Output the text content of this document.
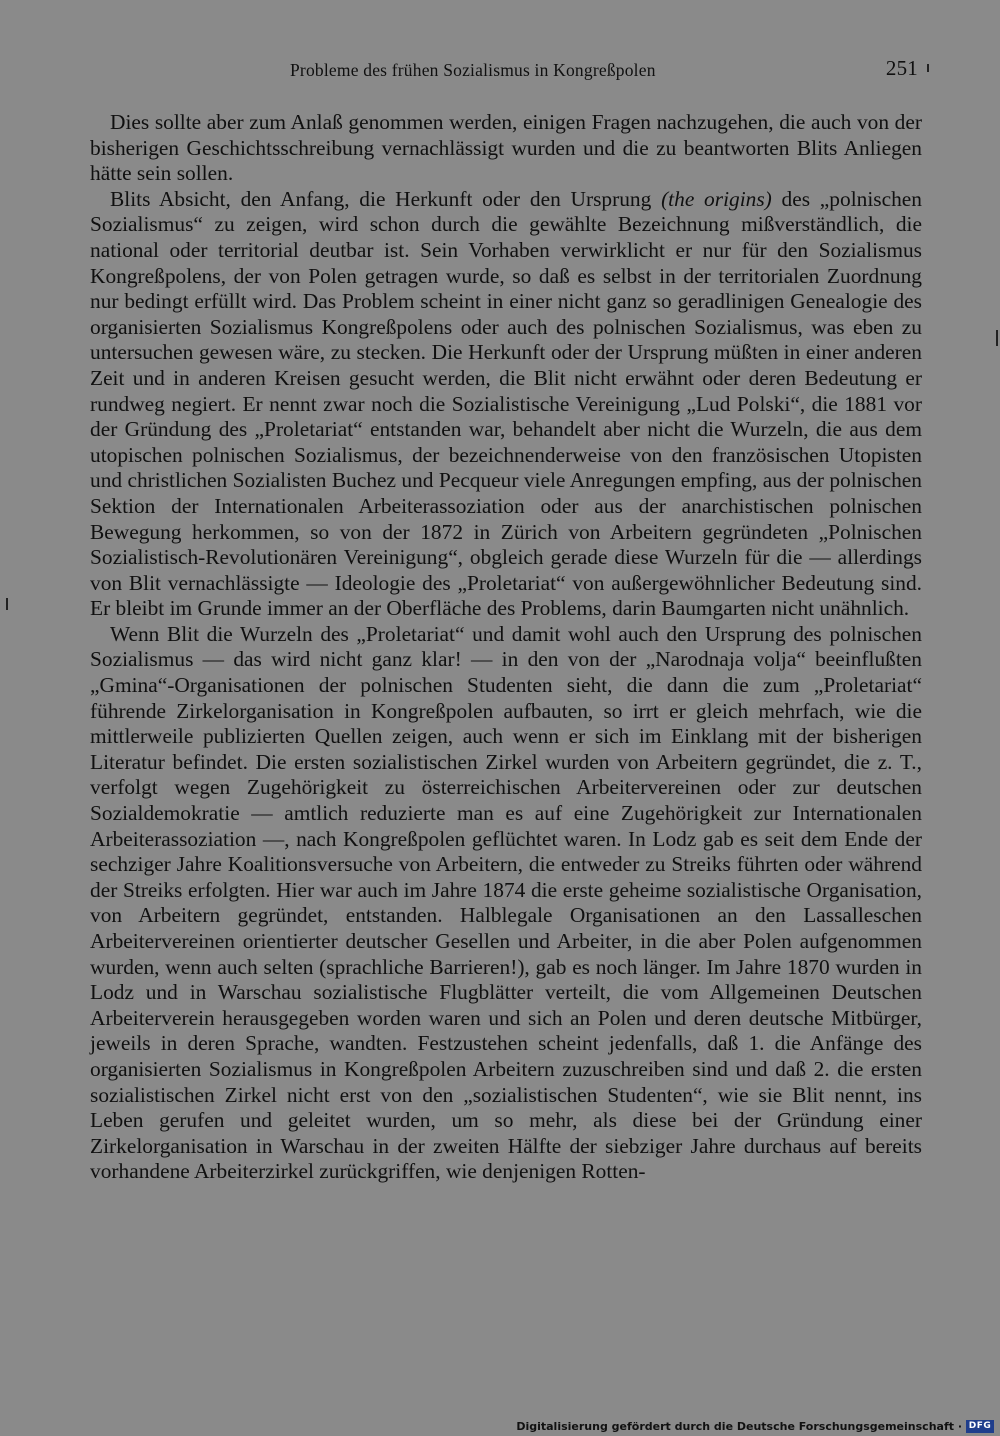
Probleme des frühen Sozialismus in Kongreßpolen	251

Dies sollte aber zum Anlaß genommen werden, einigen Fragen nachzugehen, die auch von der bisherigen Geschichtsschreibung vernachlässigt wurden und die zu beantworten Blits Anliegen hätte sein sollen.

Blits Absicht, den Anfang, die Herkunft oder den Ursprung (the origins) des „polnischen Sozialismus“ zu zeigen, wird schon durch die gewählte Bezeichnung mißverständlich, die national oder territorial deutbar ist. Sein Vorhaben verwirklicht er nur für den Sozialismus Kongreßpolens, der von Polen getragen wurde, so daß es selbst in der territorialen Zuordnung nur bedingt erfüllt wird. Das Problem scheint in einer nicht ganz so geradlinigen Genealogie des organisierten Sozialismus Kongreßpolens oder auch des polnischen Sozialismus, was eben zu untersuchen gewesen wäre, zu stecken. Die Herkunft oder der Ursprung müßten in einer anderen Zeit und in anderen Kreisen gesucht werden, die Blit nicht erwähnt oder deren Bedeutung er rundweg negiert. Er nennt zwar noch die Sozialistische Vereinigung „Lud Polski“, die 1881 vor der Gründung des „Proletariat“ entstanden war, behandelt aber nicht die Wurzeln, die aus dem utopischen polnischen Sozialismus, der bezeichnenderweise von den französischen Utopisten und christlichen Sozialisten Buchez und Pecqueur viele Anregungen empfing, aus der polnischen Sektion der Internationalen Arbeiterassoziation oder aus der anarchistischen polnischen Bewegung herkommen, so von der 1872 in Zürich von Arbeitern gegründeten „Polnischen Sozialistisch-Revolutionären Vereinigung“, obgleich gerade diese Wurzeln für die — allerdings von Blit vernachlässigte — Ideologie des „Proletariat“ von außergewöhnlicher Bedeutung sind. Er bleibt im Grunde immer an der Oberfläche des Problems, darin Baumgarten nicht unähnlich.

Wenn Blit die Wurzeln des „Proletariat“ und damit wohl auch den Ursprung des polnischen Sozialismus — das wird nicht ganz klar! — in den von der „Narodnaja volja“ beeinflußten „Gmina“-Organisationen der polnischen Studenten sieht, die dann die zum „Proletariat“ führende Zirkelorganisation in Kongreßpolen aufbauten, so irrt er gleich mehrfach, wie die mittlerweile publizierten Quellen zeigen, auch wenn er sich im Einklang mit der bisherigen Literatur befindet. Die ersten sozialistischen Zirkel wurden von Arbeitern gegründet, die z. T., verfolgt wegen Zugehörigkeit zu österreichischen Arbeitervereinen oder zur deutschen Sozialdemokratie — amtlich reduzierte man es auf eine Zugehörigkeit zur Internationalen Arbeiterassoziation —, nach Kongreßpolen geflüchtet waren. In Lodz gab es seit dem Ende der sechziger Jahre Koalitionsversuche von Arbeitern, die entweder zu Streiks führten oder während der Streiks erfolgten. Hier war auch im Jahre 1874 die erste geheime sozialistische Organisation, von Arbeitern gegründet, entstanden. Halblegale Organisationen an den Lassalleschen Arbeitervereinen orientierter deutscher Gesellen und Arbeiter, in die aber Polen aufgenommen wurden, wenn auch selten (sprachliche Barrieren!), gab es noch länger. Im Jahre 1870 wurden in Lodz und in Warschau sozialistische Flugblätter verteilt, die vom Allgemeinen Deutschen Arbeiterverein herausgegeben worden waren und sich an Polen und deren deutsche Mitbürger, jeweils in deren Sprache, wandten. Festzustehen scheint jedenfalls, daß 1. die Anfänge des organisierten Sozialismus in Kongreßpolen Arbeitern zuzuschreiben sind und daß 2. die ersten sozialistischen Zirkel nicht erst von den „sozialistischen Studenten“, wie sie Blit nennt, ins Leben gerufen und geleitet wurden, um so mehr, als diese bei der Gründung einer Zirkelorganisation in Warschau in der zweiten Hälfte der siebziger Jahre durchaus auf bereits vorhandene Arbeiterzirkel zurückgriffen, wie denjenigen Rotten-

Digitalisierung gefördert durch die Deutsche Forschungsgemeinschaft · DFG
